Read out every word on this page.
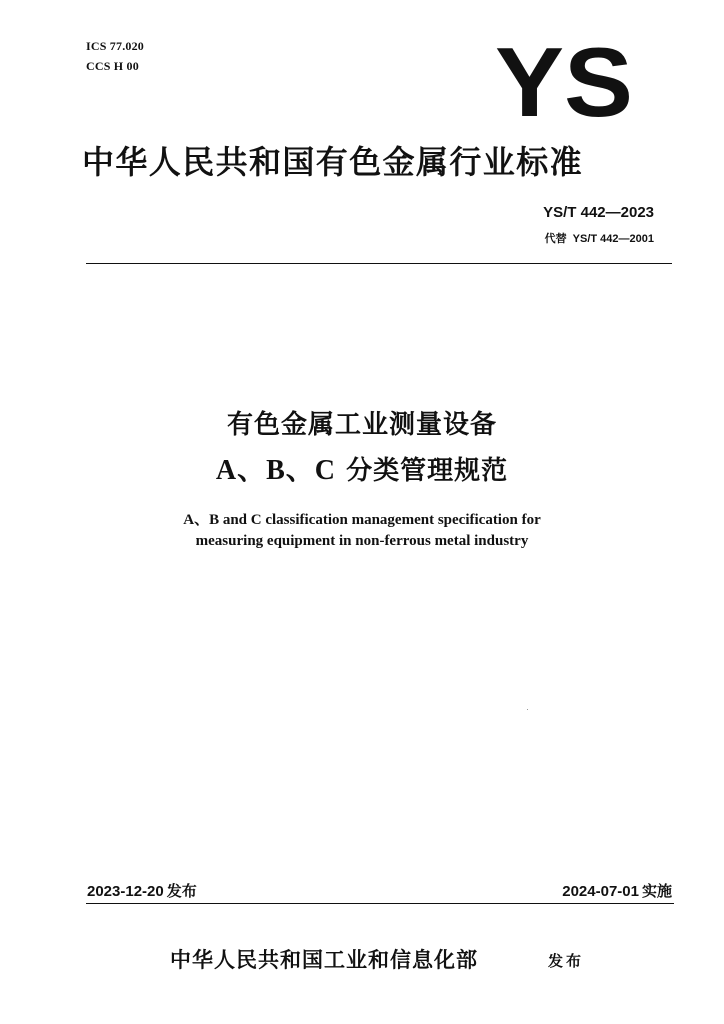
ICS 77.020
CCS H 00	YS
中华人民共和国有色金属行业标准
YS/T 442—2023
代替 YS/T 442—2001
有色金属工业测量设备
A、B、C 分类管理规范
A、B and C classification management specification for
measuring equipment in non-ferrous metal industry
2023-12-20 发布	2024-07-01 实施
中华人民共和国工业和信息化部	发布
